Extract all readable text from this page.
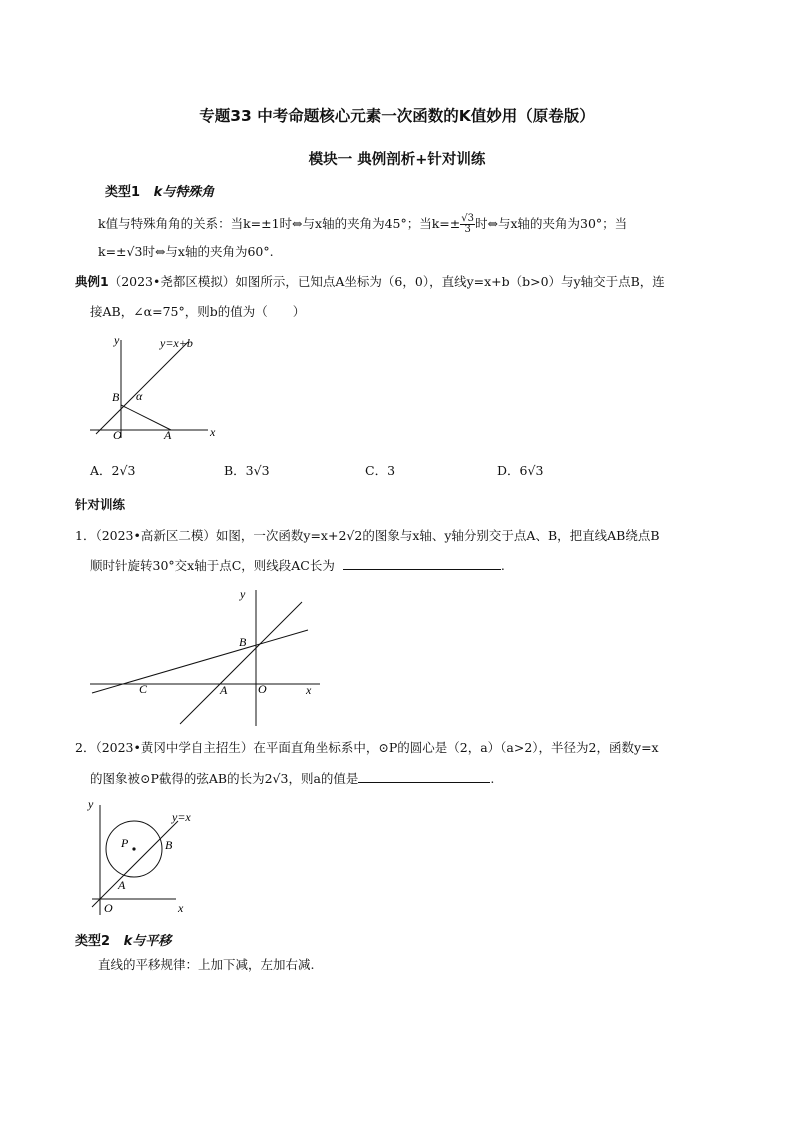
专题33 中考命题核心元素一次函数的K值妙用（原卷版）
模块一 典例剖析+针对训练
类型1 k与特殊角
k值与特殊角角的关系：当k=±1时⇔与x轴的夹角为45°；当$k=\pm \frac{√3}{3}$ 时⇔与x轴的夹角为30°；当
k=±√3时⇔与x轴的夹角为60°.
典例1（2023•尧都区模拟）如图所示，已知点A坐标为（6，0），直线y=x+b（b>0）与y轴交于点B，连
接AB，∠α=75°，则b的值为（　　）
y
x
y=x+b
B α
O	A
A．2√3	B．3√3	C．3	D．6√3
针对训练
1．（2023•高新区二模）如图，一次函数y=x+2√2的图象与x轴、y轴分别交于点A、B，把直线AB绕点B
顺时针旋转30°交x轴于点C，则线段AC长为	.
y
B
C	A	O	x
2．（2023•黄冈中学自主招生）在平面直角坐标系中，⊙P的圆心是（2，a）（a>2），半径为2，函数y=x
的图象被⊙P截得的弦AB的长为2√3，则a的值是	.
y
y=x
P	B
A
O	x
类型2 k与平移
直线的平移规律：上加下减，左加右减.
